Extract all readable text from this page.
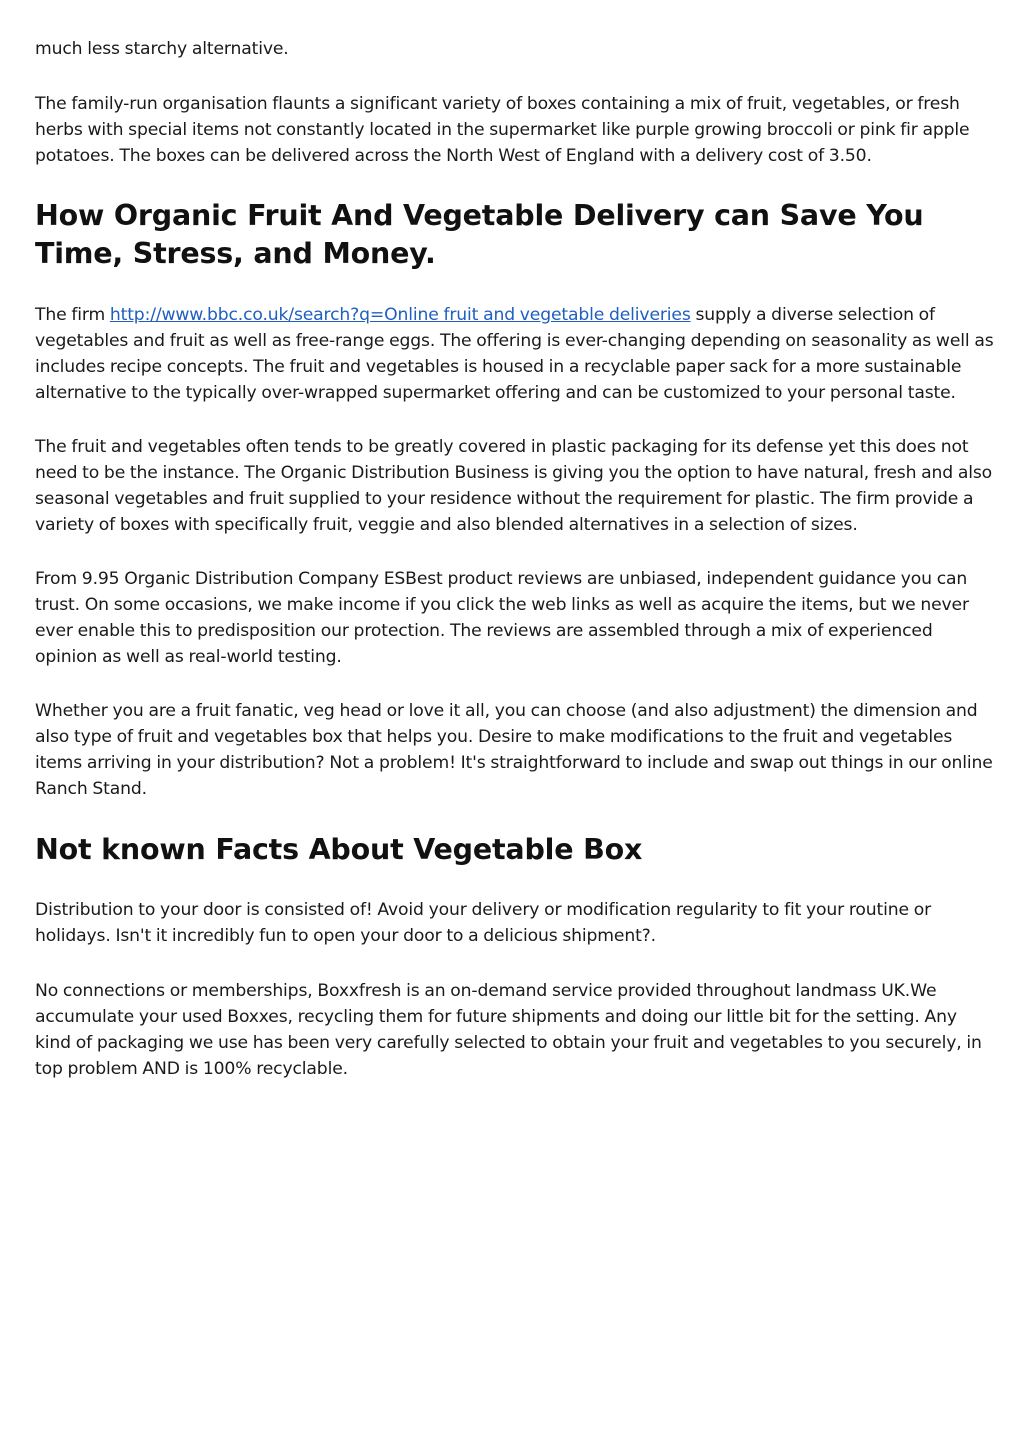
much less starchy alternative.

The family-run organisation flaunts a significant variety of boxes containing a mix of fruit, vegetables, or fresh herbs with special items not constantly located in the supermarket like purple growing broccoli or pink fir apple potatoes. The boxes can be delivered across the North West of England with a delivery cost of 3.50.

How Organic Fruit And Vegetable Delivery can Save You Time, Stress, and Money.

The firm http://www.bbc.co.uk/search?q=Online fruit and vegetable deliveries supply a diverse selection of vegetables and fruit as well as free-range eggs. The offering is ever-changing depending on seasonality as well as includes recipe concepts. The fruit and vegetables is housed in a recyclable paper sack for a more sustainable alternative to the typically over-wrapped supermarket offering and can be customized to your personal taste.

The fruit and vegetables often tends to be greatly covered in plastic packaging for its defense yet this does not need to be the instance. The Organic Distribution Business is giving you the option to have natural, fresh and also seasonal vegetables and fruit supplied to your residence without the requirement for plastic. The firm provide a variety of boxes with specifically fruit, veggie and also blended alternatives in a selection of sizes.

From 9.95 Organic Distribution Company ESBest product reviews are unbiased, independent guidance you can trust. On some occasions, we make income if you click the web links as well as acquire the items, but we never ever enable this to predisposition our protection. The reviews are assembled through a mix of experienced opinion as well as real-world testing.

Whether you are a fruit fanatic, veg head or love it all, you can choose (and also adjustment) the dimension and also type of fruit and vegetables box that helps you. Desire to make modifications to the fruit and vegetables items arriving in your distribution? Not a problem! It's straightforward to include and swap out things in our online Ranch Stand.

Not known Facts About Vegetable Box

Distribution to your door is consisted of! Avoid your delivery or modification regularity to fit your routine or holidays. Isn't it incredibly fun to open your door to a delicious shipment?.

No connections or memberships, Boxxfresh is an on-demand service provided throughout landmass UK.We accumulate your used Boxxes, recycling them for future shipments and doing our little bit for the setting. Any kind of packaging we use has been very carefully selected to obtain your fruit and vegetables to you securely, in top problem AND is 100% recyclable.
